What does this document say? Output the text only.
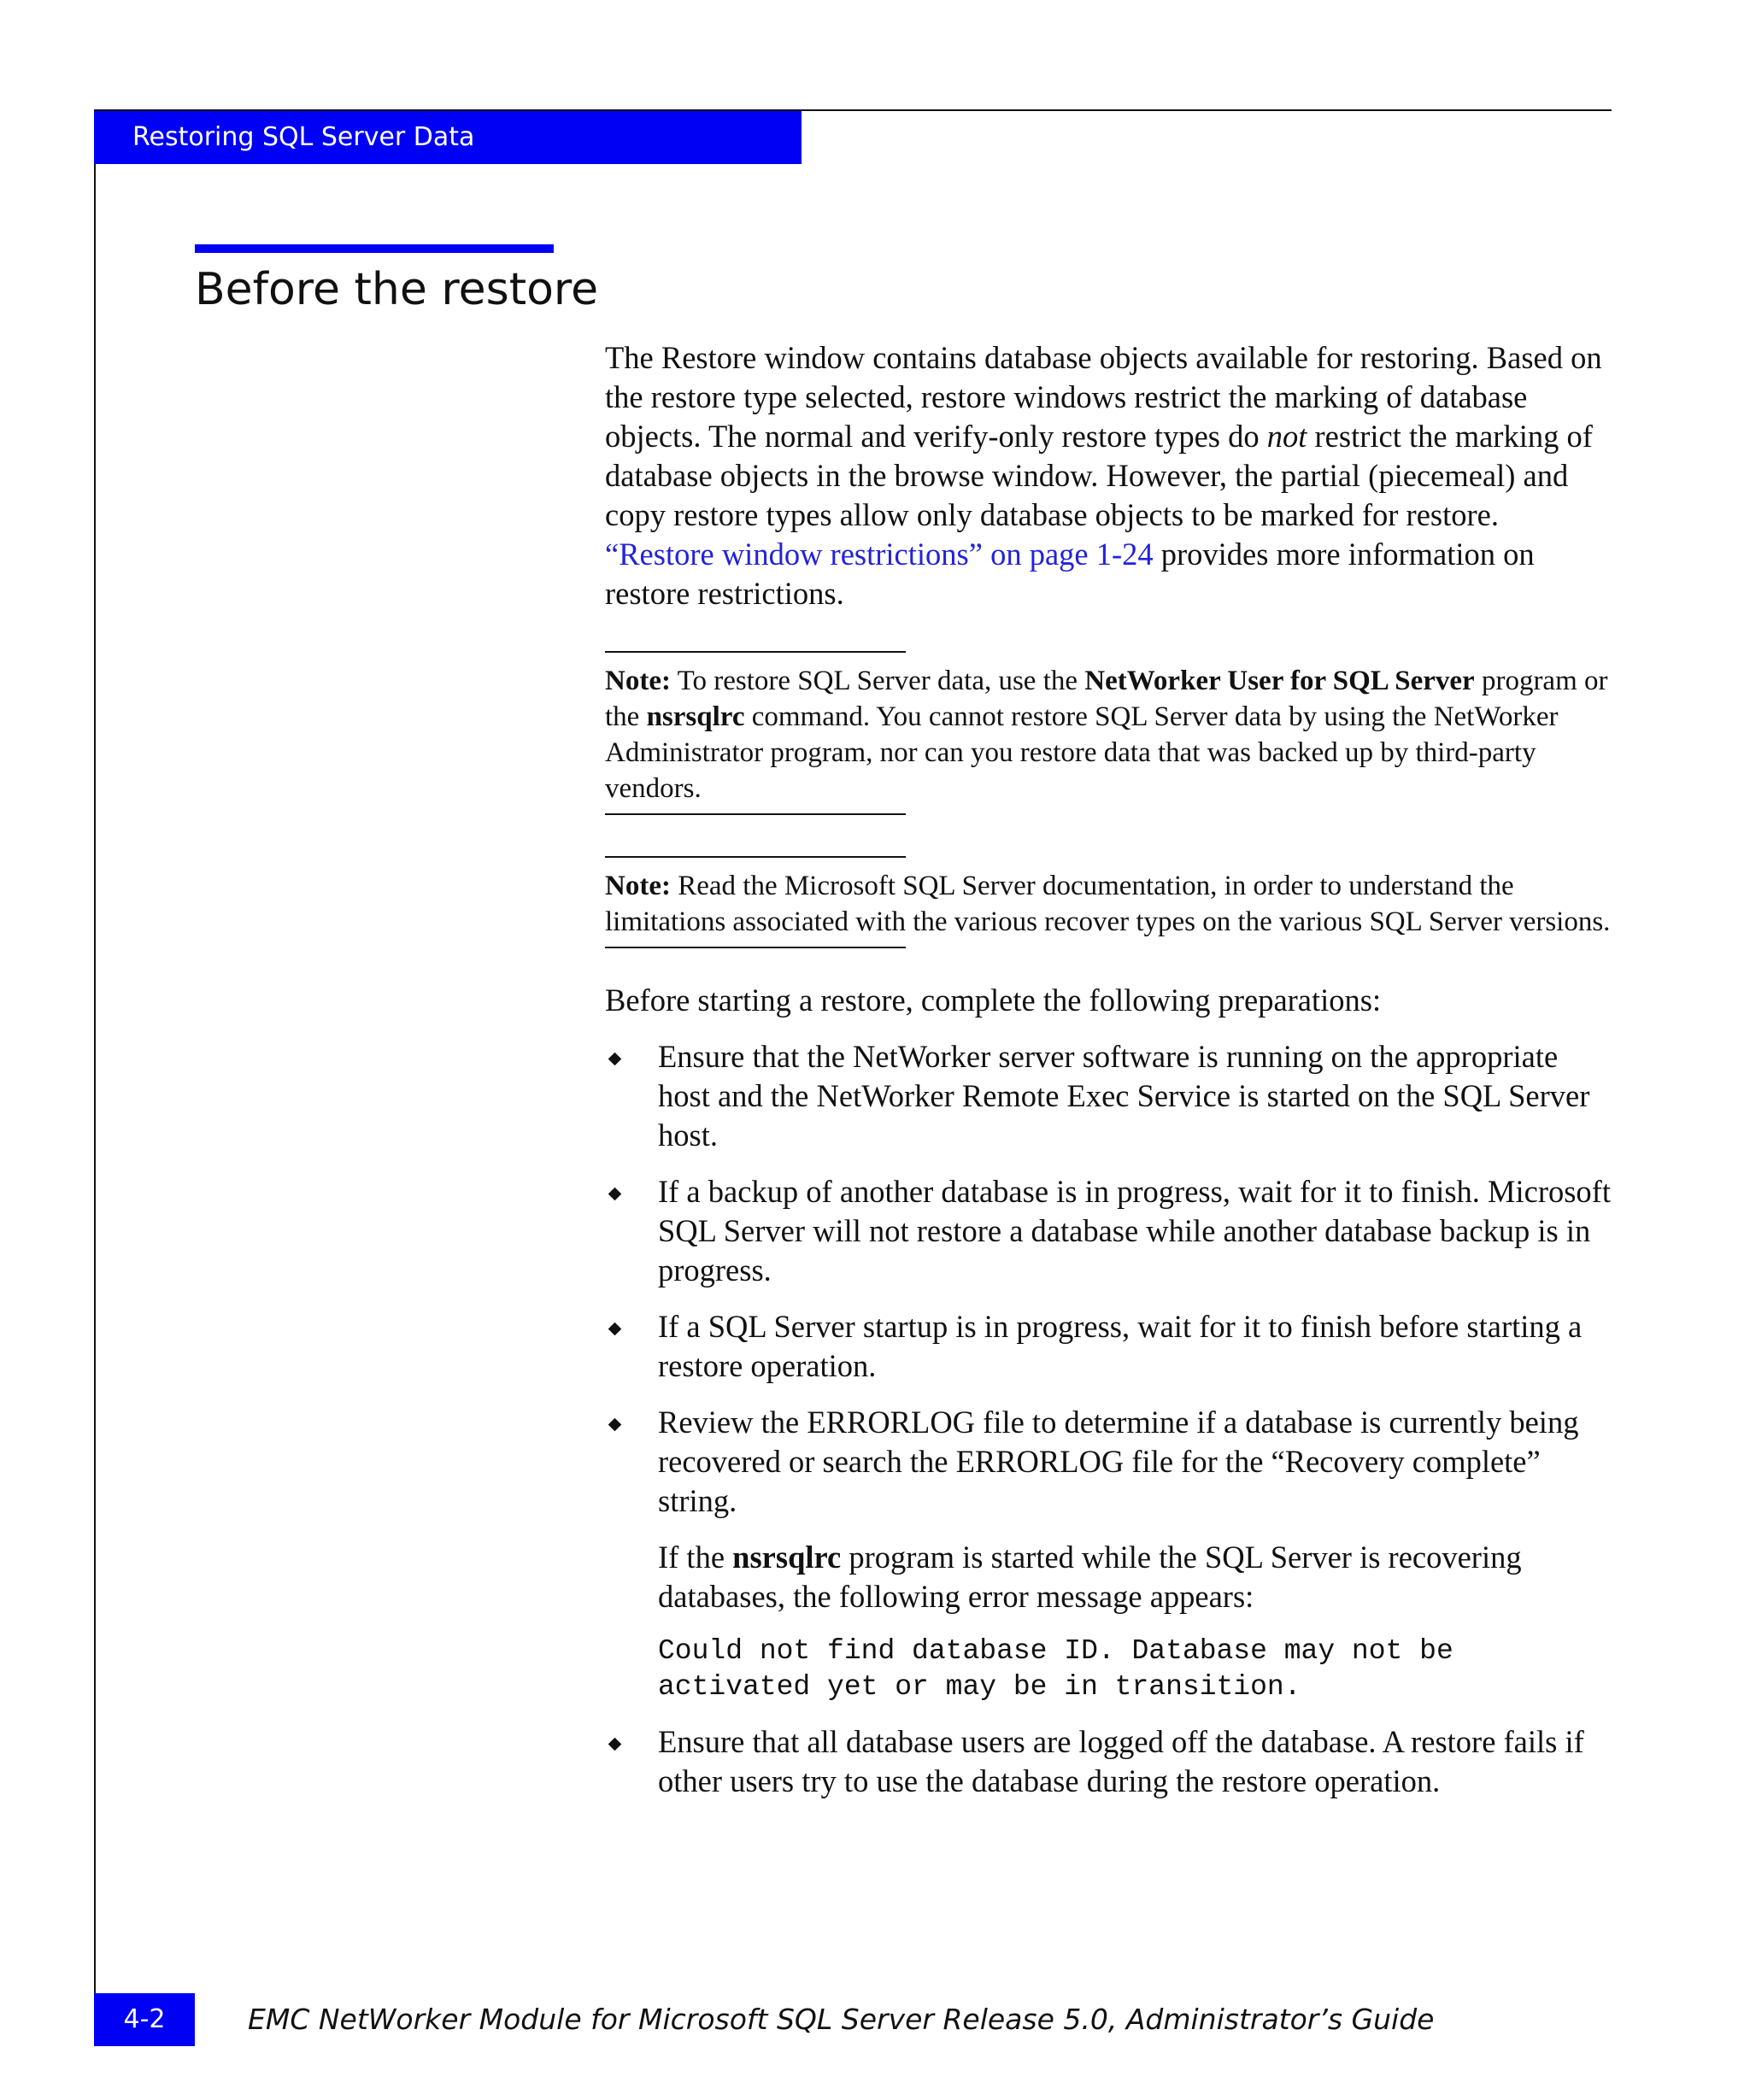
Restoring SQL Server Data
Before the restore

The Restore window contains database objects available for restoring. Based on the restore type selected, restore windows restrict the marking of database objects. The normal and verify-only restore types do not restrict the marking of database objects in the browse window. However, the partial (piecemeal) and copy restore types allow only database objects to be marked for restore. “Restore window restrictions” on page 1-24 provides more information on restore restrictions.

Note: To restore SQL Server data, use the NetWorker User for SQL Server program or the nsrsqlrc command. You cannot restore SQL Server data by using the NetWorker Administrator program, nor can you restore data that was backed up by third-party vendors.
Note: Read the Microsoft SQL Server documentation, in order to understand the limitations associated with the various recover types on the various SQL Server versions.

Before starting a restore, complete the following preparations:

Ensure that the NetWorker server software is running on the appropriate host and the NetWorker Remote Exec Service is started on the SQL Server host.
If a backup of another database is in progress, wait for it to finish. Microsoft SQL Server will not restore a database while another database backup is in progress.
If a SQL Server startup is in progress, wait for it to finish before starting a restore operation.

Review the ERRORLOG file to determine if a database is currently being recovered or search the ERRORLOG file for the “Recovery complete” string.

If the nsrsqlrc program is started while the SQL Server is recovering databases, the following error message appears:

Could not find database ID. Database may not be
activated yet or may be in transition.

Ensure that all database users are logged off the database. A restore fails if other users try to use the database during the restore operation.
4-2	EMC NetWorker Module for Microsoft SQL Server Release 5.0, Administrator’s Guide
